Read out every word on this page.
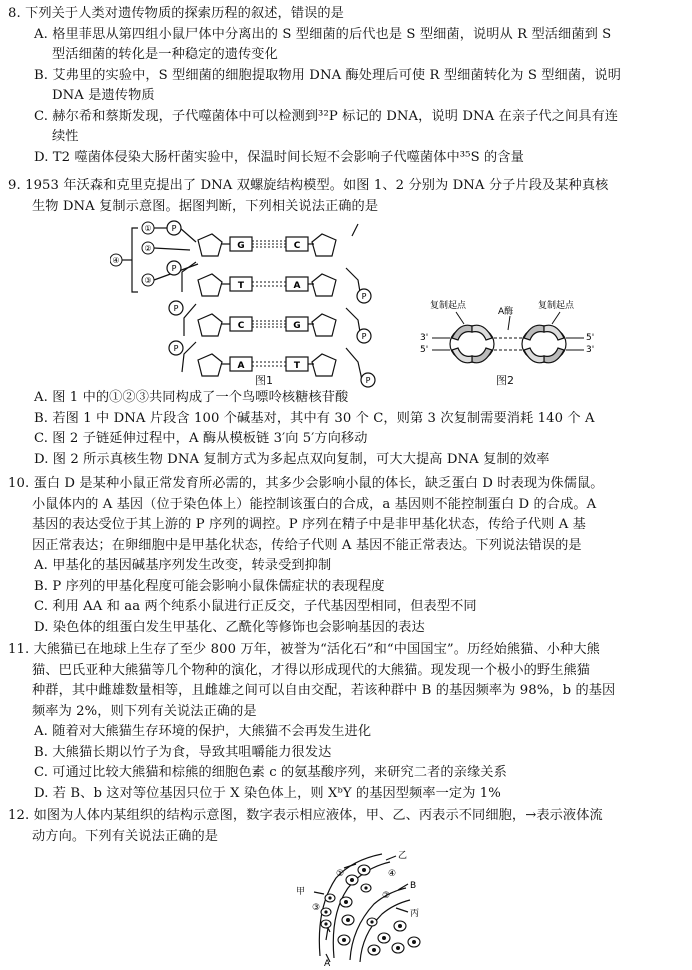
8. 下列关于人类对遗传物质的探索历程的叙述，错误的是

A. 格里菲思从第四组小鼠尸体中分离出的 S 型细菌的后代也是 S 型细菌，说明从 R 型活细菌到 S

型活细菌的转化是一种稳定的遗传变化

B. 艾弗里的实验中，S 型细菌的细胞提取物用 DNA 酶处理后可使 R 型细菌转化为 S 型细菌，说明

DNA 是遗传物质

C. 赫尔希和蔡斯发现，子代噬菌体中可以检测到³²P 标记的 DNA，说明 DNA 在亲子代之间具有连

续性

D. T2 噬菌体侵染大肠杆菌实验中，保温时间长短不会影响子代噬菌体中³⁵S 的含量

9. 1953 年沃森和克里克提出了 DNA 双螺旋结构模型。如图 1、2 分别为 DNA 分子片段及某种真核

生物 DNA 复制示意图。据图判断，下列相关说法正确的是

①
②
③
④
P
P
P
P
P
P
P
G
T
C
A
C
A
G
T
图1
复制起点
A酶
复制起点
3'
5'
5'
3'
图2

A. 图 1 中的①②③共同构成了一个鸟嘌呤核糖核苷酸

B. 若图 1 中 DNA 片段含 100 个碱基对，其中有 30 个 C，则第 3 次复制需要消耗 140 个 A

C. 图 2 子链延伸过程中，A 酶从模板链 3′向 5′方向移动

D. 图 2 所示真核生物 DNA 复制方式为多起点双向复制，可大大提高 DNA 复制的效率

10. 蛋白 D 是某种小鼠正常发育所必需的，其多少会影响小鼠的体长，缺乏蛋白 D 时表现为侏儒鼠。

小鼠体内的 A 基因（位于染色体上）能控制该蛋白的合成，a 基因则不能控制蛋白 D 的合成。A

基因的表达受位于其上游的 P 序列的调控。P 序列在精子中是非甲基化状态，传给子代则 A 基

因正常表达；在卵细胞中是甲基化状态，传给子代则 A 基因不能正常表达。下列说法错误的是

A. 甲基化的基因碱基序列发生改变，转录受到抑制

B. P 序列的甲基化程度可能会影响小鼠侏儒症状的表现程度

C. 利用 AA 和 aa 两个纯系小鼠进行正反交，子代基因型相同，但表型不同

D. 染色体的组蛋白发生甲基化、乙酰化等修饰也会影响基因的表达

11. 大熊猫已在地球上生存了至少 800 万年，被誉为“活化石”和“中国国宝”。历经始熊猫、小种大熊

猫、巴氏亚种大熊猫等几个物种的演化，才得以形成现代的大熊猫。现发现一个极小的野生熊猫

种群，其中雌雄数量相等，且雌雄之间可以自由交配，若该种群中 B 的基因频率为 98%，b 的基因

频率为 2%，则下列有关说法正确的是

A. 随着对大熊猫生存环境的保护，大熊猫不会再发生进化

B. 大熊猫长期以竹子为食，导致其咀嚼能力很发达

C. 可通过比较大熊猫和棕熊的细胞色素 c 的氨基酸序列，来研究二者的亲缘关系

D. 若 B、b 这对等位基因只位于 X 染色体上，则 XᵇY 的基因型频率一定为 1%

12. 如图为人体内某组织的结构示意图，数字表示相应液体，甲、乙、丙表示不同细胞，→表示液体流

动方向。下列有关说法正确的是

甲
乙
B
丙
A
①
②
③
④
